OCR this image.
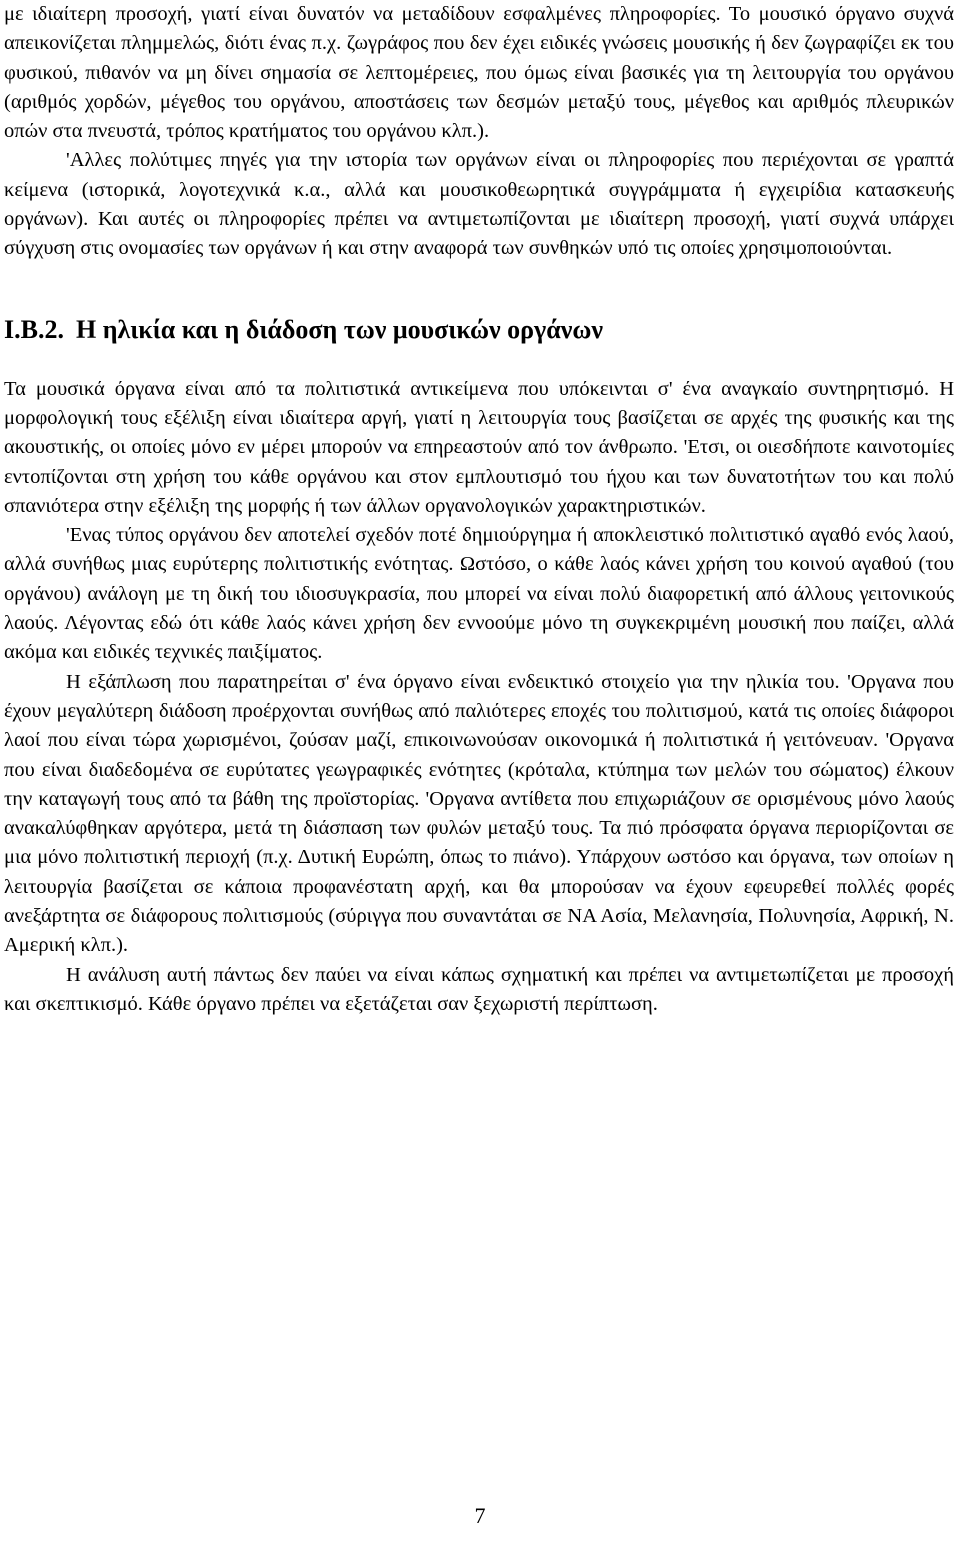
με ιδιαίτερη προσοχή, γιατί είναι δυνατόν να μεταδίδουν εσφαλμένες πληροφορίες. Το μουσικό όργανο συχνά απεικονίζεται πλημμελώς, διότι ένας π.χ. ζωγράφος που δεν έχει ειδικές γνώσεις μουσικής ή δεν ζωγραφίζει εκ του φυσικού, πιθανόν να μη δίνει σημασία σε λεπτομέρειες, που όμως είναι βασικές για τη λειτουργία του οργάνου (αριθμός χορδών, μέγεθος του οργάνου, αποστάσεις των δεσμών μεταξύ τους, μέγεθος και αριθμός πλευρικών οπών στα πνευστά, τρόπος κρατήματος του οργάνου κλπ.).

'Αλλες πολύτιμες πηγές για την ιστορία των οργάνων είναι οι πληροφορίες που περιέχονται σε γραπτά κείμενα (ιστορικά, λογοτεχνικά κ.α., αλλά και μουσικοθεωρητικά συγγράμματα ή εγχειρίδια κατασκευής οργάνων). Και αυτές οι πληροφορίες πρέπει να αντιμετωπίζονται με ιδιαίτερη προσοχή, γιατί συχνά υπάρχει σύγχυση στις ονομασίες των οργάνων ή και στην αναφορά των συνθηκών υπό τις οποίες χρησιμοποιούνται.

I.B.2. Η ηλικία και η διάδοση των μουσικών οργάνων

Τα μουσικά όργανα είναι από τα πολιτιστικά αντικείμενα που υπόκεινται σ' ένα αναγκαίο συντηρητισμό. Η μορφολογική τους εξέλιξη είναι ιδιαίτερα αργή, γιατί η λειτουργία τους βασίζεται σε αρχές της φυσικής και της ακουστικής, οι οποίες μόνο εν μέρει μπορούν να επηρεαστούν από τον άνθρωπο. 'Ετσι, οι οιεσδήποτε καινοτομίες εντοπίζονται στη χρήση του κάθε οργάνου και στον εμπλουτισμό του ήχου και των δυνατοτήτων του και πολύ σπανιότερα στην εξέλιξη της μορφής ή των άλλων οργανολογικών χαρακτηριστικών.

'Ενας τύπος οργάνου δεν αποτελεί σχεδόν ποτέ δημιούργημα ή αποκλειστικό πολιτιστικό αγαθό ενός λαού, αλλά συνήθως μιας ευρύτερης πολιτιστικής ενότητας. Ωστόσο, ο κάθε λαός κάνει χρήση του κοινού αγαθού (του οργάνου) ανάλογη με τη δική του ιδιοσυγκρασία, που μπορεί να είναι πολύ διαφορετική από άλλους γειτονικούς λαούς. Λέγοντας εδώ ότι κάθε λαός κάνει χρήση δεν εννοούμε μόνο τη συγκεκριμένη μουσική που παίζει, αλλά ακόμα και ειδικές τεχνικές παιξίματος.

Η εξάπλωση που παρατηρείται σ' ένα όργανο είναι ενδεικτικό στοιχείο για την ηλικία του. 'Οργανα που έχουν μεγαλύτερη διάδοση προέρχονται συνήθως από παλιότερες εποχές του πολιτισμού, κατά τις οποίες διάφοροι λαοί που είναι τώρα χωρισμένοι, ζούσαν μαζί, επικοινωνούσαν οικονομικά ή πολιτιστικά ή γειτόνευαν. 'Οργανα που είναι διαδεδομένα σε ευρύτατες γεωγραφικές ενότητες (κρόταλα, κτύπημα των μελών του σώματος) έλκουν την καταγωγή τους από τα βάθη της προϊστορίας. 'Οργανα αντίθετα που επιχωριάζουν σε ορισμένους μόνο λαούς ανακαλύφθηκαν αργότερα, μετά τη διάσπαση των φυλών μεταξύ τους. Τα πιό πρόσφατα όργανα περιορίζονται σε μια μόνο πολιτιστική περιοχή (π.χ. Δυτική Ευρώπη, όπως το πιάνο). Υπάρχουν ωστόσο και όργανα, των οποίων η λειτουργία βασίζεται σε κάποια προφανέστατη αρχή, και θα μπορούσαν να έχουν εφευρεθεί πολλές φορές ανεξάρτητα σε διάφορους πολιτισμούς (σύριγγα που συναντάται σε ΝΑ Ασία, Μελανησία, Πολυνησία, Αφρική, Ν. Αμερική κλπ.).

Η ανάλυση αυτή πάντως δεν παύει να είναι κάπως σχηματική και πρέπει να αντιμετωπίζεται με προσοχή και σκεπτικισμό. Κάθε όργανο πρέπει να εξετάζεται σαν ξεχωριστή περίπτωση.

7
